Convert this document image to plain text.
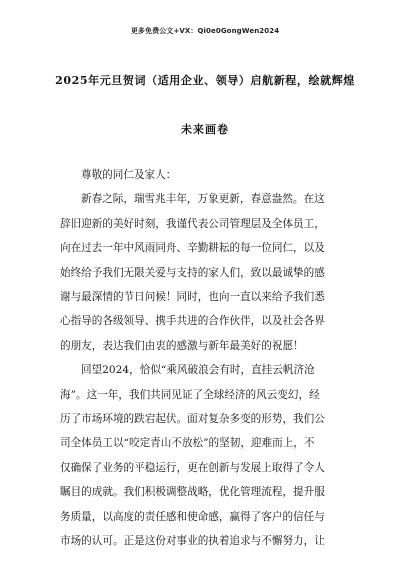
更多免费公文+VX：Qi0e0GongWen2024
2025年元旦贺词（适用企业、领导）启航新程，绘就辉煌
未来画卷

尊敬的同仁及家人：

新春之际，瑞雪兆丰年，万象更新，春意盎然。在这

辞旧迎新的美好时刻，我谨代表公司管理层及全体员工，

向在过去一年中风雨同舟、辛勤耕耘的每一位同仁，以及

始终给予我们无限关爱与支持的家人们，致以最诚挚的感

谢与最深情的节日问候！同时，也向一直以来给予我们悉

心指导的各级领导、携手共进的合作伙伴，以及社会各界

的朋友，表达我们由衷的感激与新年最美好的祝愿！

回望2024，恰似“乘风破浪会有时，直挂云帆济沧

海”。这一年，我们共同见证了全球经济的风云变幻，经

历了市场环境的跌宕起伏。面对复杂多变的形势，我们公

司全体员工以“咬定青山不放松”的坚韧，迎难而上，不

仅确保了业务的平稳运行，更在创新与发展上取得了令人

瞩目的成就。我们积极调整战略，优化管理流程，提升服

务质量，以高度的责任感和使命感，赢得了客户的信任与

市场的认可。正是这份对事业的执着追求与不懈努力，让
